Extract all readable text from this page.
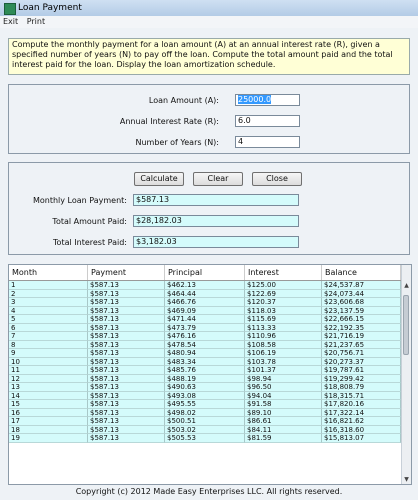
Loan Payment
Exit Print
Compute the monthly payment for a loan amount (A) at an annual interest rate (R), given a specified number of years (N) to pay off the loan. Compute the total amount paid and the total interest paid for the loan. Display the loan amortization schedule.
Loan Amount (A):	25000.0
Annual Interest Rate (R):	6.0
Number of Years (N):	4
Calculate	Clear	Close
Monthly Loan Payment:	$587.13
Total Amount Paid:	$28,182.03
Total Interest Paid:	$3,182.03
Month	Payment	Principal	Interest	Balance
1	$587.13	$462.13	$125.00	$24,537.87
2	$587.13	$464.44	$122.69	$24,073.44
3	$587.13	$466.76	$120.37	$23,606.68
4	$587.13	$469.09	$118.03	$23,137.59
5	$587.13	$471.44	$115.69	$22,666.15
6	$587.13	$473.79	$113.33	$22,192.35
7	$587.13	$476.16	$110.96	$21,716.19
8	$587.13	$478.54	$108.58	$21,237.65
9	$587.13	$480.94	$106.19	$20,756.71
10	$587.13	$483.34	$103.78	$20,273.37
11	$587.13	$485.76	$101.37	$19,787.61
12	$587.13	$488.19	$98.94	$19,299.42
13	$587.13	$490.63	$96.50	$18,808.79
14	$587.13	$493.08	$94.04	$18,315.71
15	$587.13	$495.55	$91.58	$17,820.16
16	$587.13	$498.02	$89.10	$17,322.14
17	$587.13	$500.51	$86.61	$16,821.62
18	$587.13	$503.02	$84.11	$16,318.60
19	$587.13	$505.53	$81.59	$15,813.07
▲
▼
Copyright (c) 2012 Made Easy Enterprises LLC. All rights reserved.
